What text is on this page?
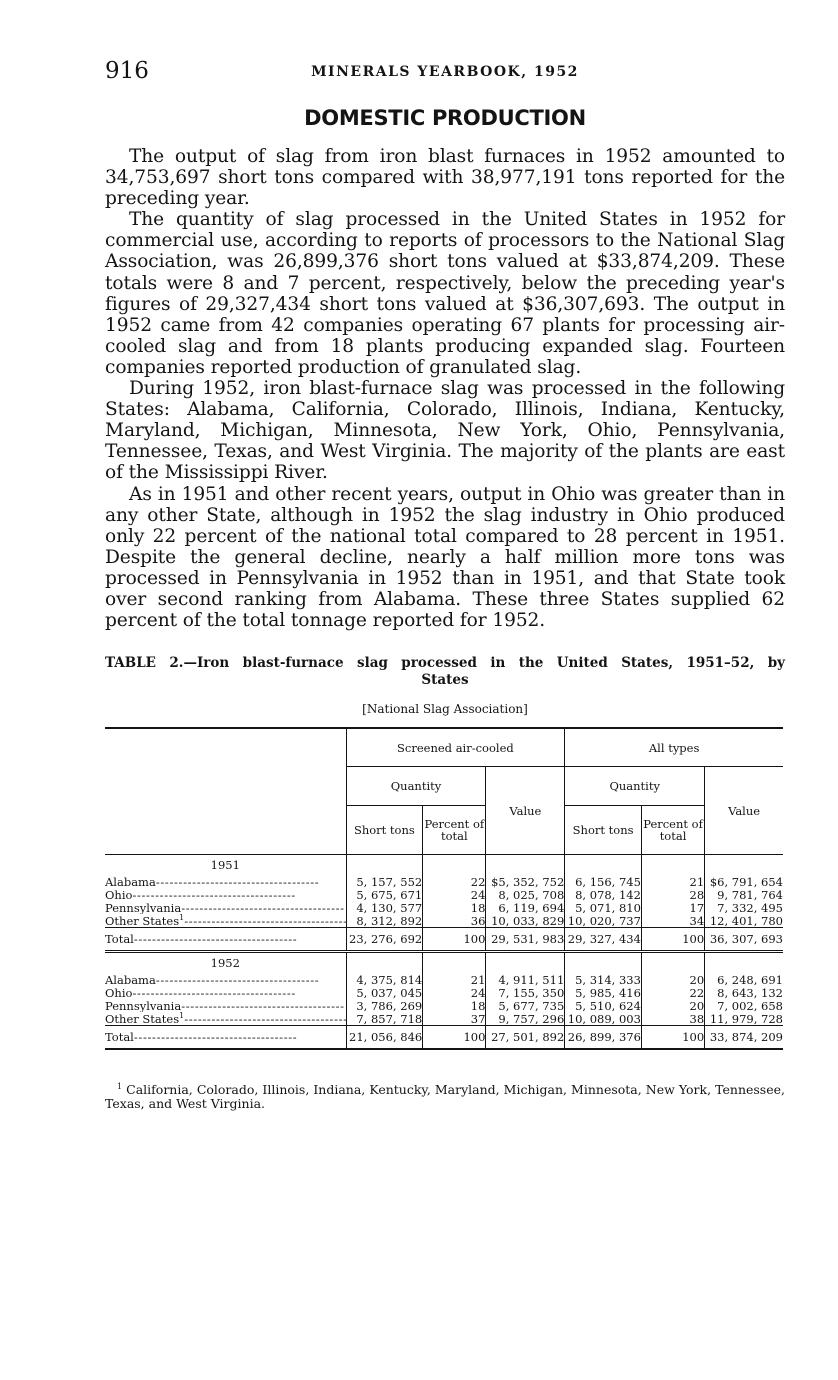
916	MINERALS YEARBOOK, 1952
DOMESTIC PRODUCTION

The output of slag from iron blast furnaces in 1952 amounted to 34,753,697 short tons compared with 38,977,191 tons reported for the preceding year.

The quantity of slag processed in the United States in 1952 for commercial use, according to reports of processors to the National Slag Association, was 26,899,376 short tons valued at $33,874,209. These totals were 8 and 7 percent, respectively, below the preceding year's figures of 29,327,434 short tons valued at $36,307,693. The output in 1952 came from 42 companies operating 67 plants for processing air-cooled slag and from 18 plants producing expanded slag. Fourteen companies reported production of granulated slag.

During 1952, iron blast-furnace slag was processed in the following States: Alabama, California, Colorado, Illinois, Indiana, Kentucky, Maryland, Michigan, Minnesota, New York, Ohio, Pennsylvania, Tennessee, Texas, and West Virginia. The majority of the plants are east of the Mississippi River.

As in 1951 and other recent years, output in Ohio was greater than in any other State, although in 1952 the slag industry in Ohio produced only 22 percent of the national total compared to 28 percent in 1951. Despite the general decline, nearly a half million more tons was processed in Pennsylvania in 1952 than in 1951, and that State took over second ranking from Alabama. These three States supplied 62 percent of the total tonnage reported for 1952.

TABLE 2.—Iron blast-furnace slag processed in the United States, 1951–52, by
States
[National Slag Association]
	Screened air-cooled			All types		
	Quantity		Value	Quantity		Value
	Short tons	Percent of total		Short tons	Percent of total	
1951						
Alabama - - -	5, 157, 552	22	$5, 352, 752	6, 156, 745	21	$6, 791, 654
Ohio - - -	5, 675, 671	24	8, 025, 708	8, 078, 142	28	9, 781, 764
Pennsylvania - - -	4, 130, 577	18	6, 119, 694	5, 071, 810	17	7, 332, 495
Other States$^1$ - - -	8, 312, 892	36	10, 033, 829	10, 020, 737	34	12, 401, 780
Total - - -	23, 276, 692	100	29, 531, 983	29, 327, 434	100	36, 307, 693
1952						
Alabama - - -	4, 375, 814	21	4, 911, 511	5, 314, 333	20	6, 248, 691
Ohio - - -	5, 037, 045	24	7, 155, 350	5, 985, 416	22	8, 643, 132
Pennsylvania - - -	3, 786, 269	18	5, 677, 735	5, 510, 624	20	7, 002, 658
Other States$^1$ - - -	7, 857, 718	37	9, 757, 296	10, 089, 003	38	11, 979, 728
Total - - -	21, 056, 846	100	27, 501, 892	26, 899, 376	100	33, 874, 209
$^1$ California, Colorado, Illinois, Indiana, Kentucky, Maryland, Michigan, Minnesota, New York, Tennessee, Texas, and West Virginia.
